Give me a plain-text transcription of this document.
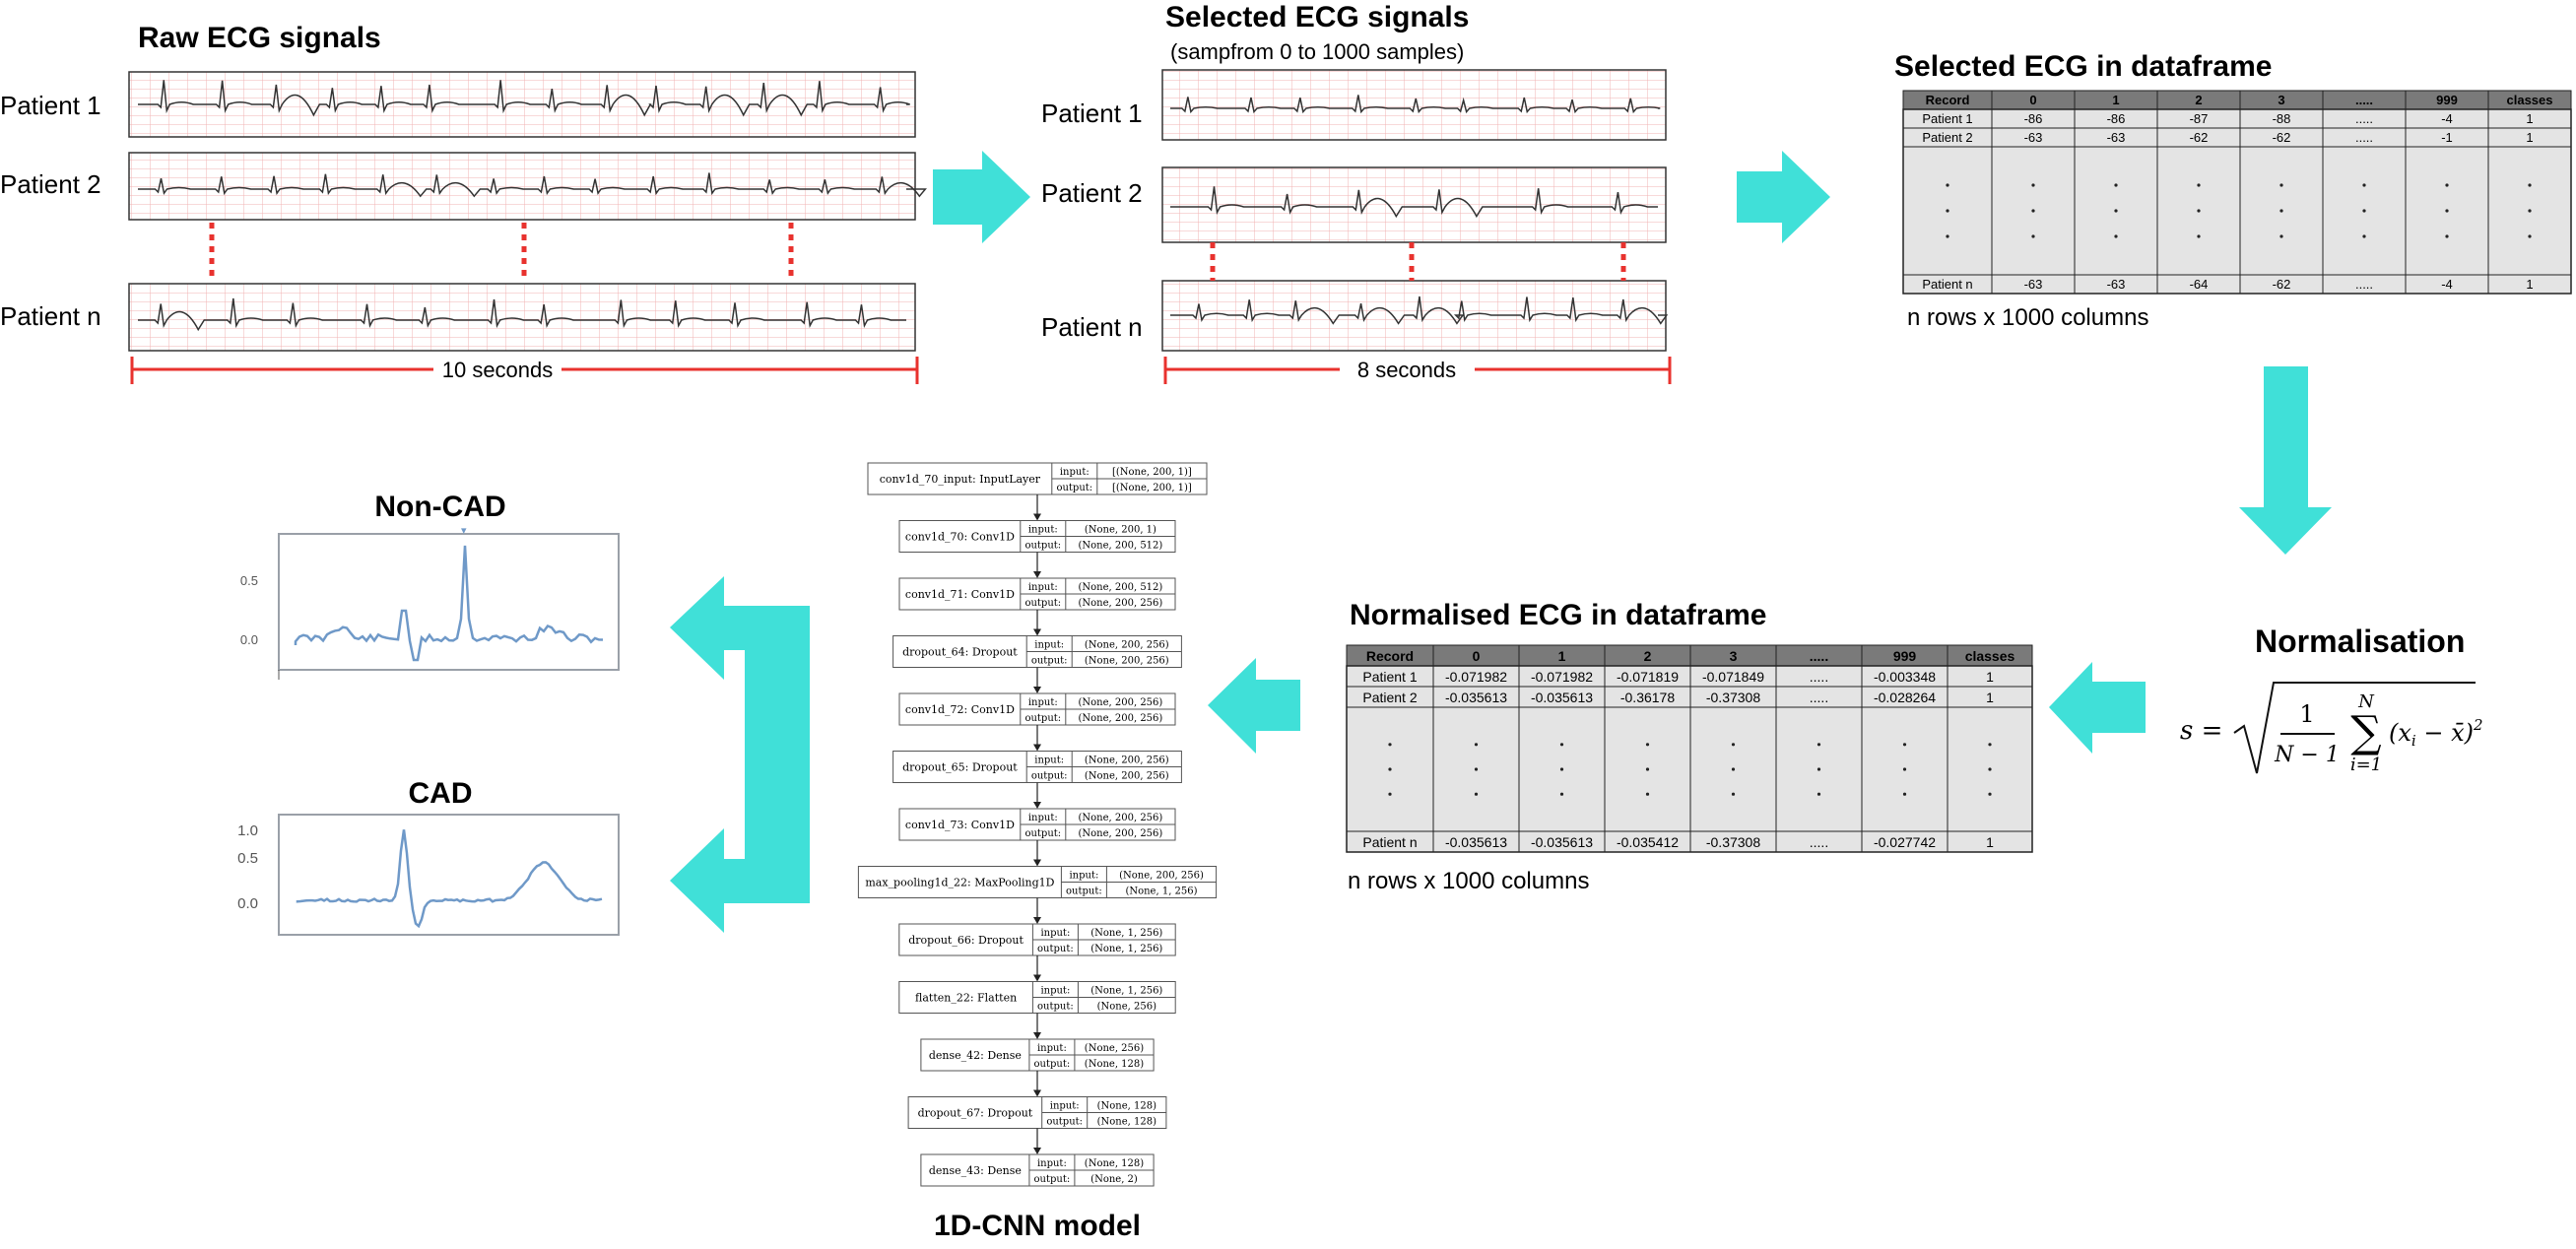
Raw ECG signals
Patient 1
Patient 2
Patient n
10 seconds
Selected ECG signals
(sampfrom 0 to 1000 samples)
Patient 1
Patient 2
Patient n
8 seconds
Selected ECG in dataframe
Record	0	1	2	3	.....	999	classes
Patient 1	-86	-86	-87	-88	.....	-4	1
Patient 2	-63	-63	-62	-62	.....	-1	1
Patient n	-63	-63	-64	-62	.....	-4	1
n rows x 1000 columns
Normalisation
s =
1
N − 1
N
∑
i=1
($x_i$ − x̄)$^2$
Normalised ECG in dataframe
Record	0	1	2	3	.....	999	classes
Patient 1 -0.071982 -0.071982 -0.071819 -0.071849	.....	-0.003348	1
Patient 2 -0.035613 -0.035613 -0.36178 -0.37308	.....	-0.028264	1
Patient n -0.035613 -0.035613 -0.035412 -0.37308	.....	-0.027742	1
n rows x 1000 columns
conv1d_70_input: InputLayer
input:
output:
[(None, 200, 1)]
[(None, 200, 1)]
conv1d_70: Conv1D
input:
output:
(None, 200, 1)
(None, 200, 512)
conv1d_71: Conv1D
input:
output:
(None, 200, 512)
(None, 200, 256)
dropout_64: Dropout
input:
output:
(None, 200, 256)
(None, 200, 256)
conv1d_72: Conv1D
input:
output:
(None, 200, 256)
(None, 200, 256)
dropout_65: Dropout
input:
output:
(None, 200, 256)
(None, 200, 256)
conv1d_73: Conv1D
input:
output:
(None, 200, 256)
(None, 200, 256)
max_pooling1d_22: MaxPooling1D
input:
output:
(None, 200, 256)
(None, 1, 256)
dropout_66: Dropout
input:
output:
(None, 1, 256)
(None, 1, 256)
flatten_22: Flatten
input:
output:
(None, 1, 256)
(None, 256)
dense_42: Dense
input:
output:
(None, 256)
(None, 128)
dropout_67: Dropout
input:
output:
(None, 128)
(None, 128)
dense_43: Dense
input:
output:
(None, 128)
(None, 2)
1D-CNN model
Non-CAD
0.5
0.0
▾
CAD
1.0
0.5
0.0
